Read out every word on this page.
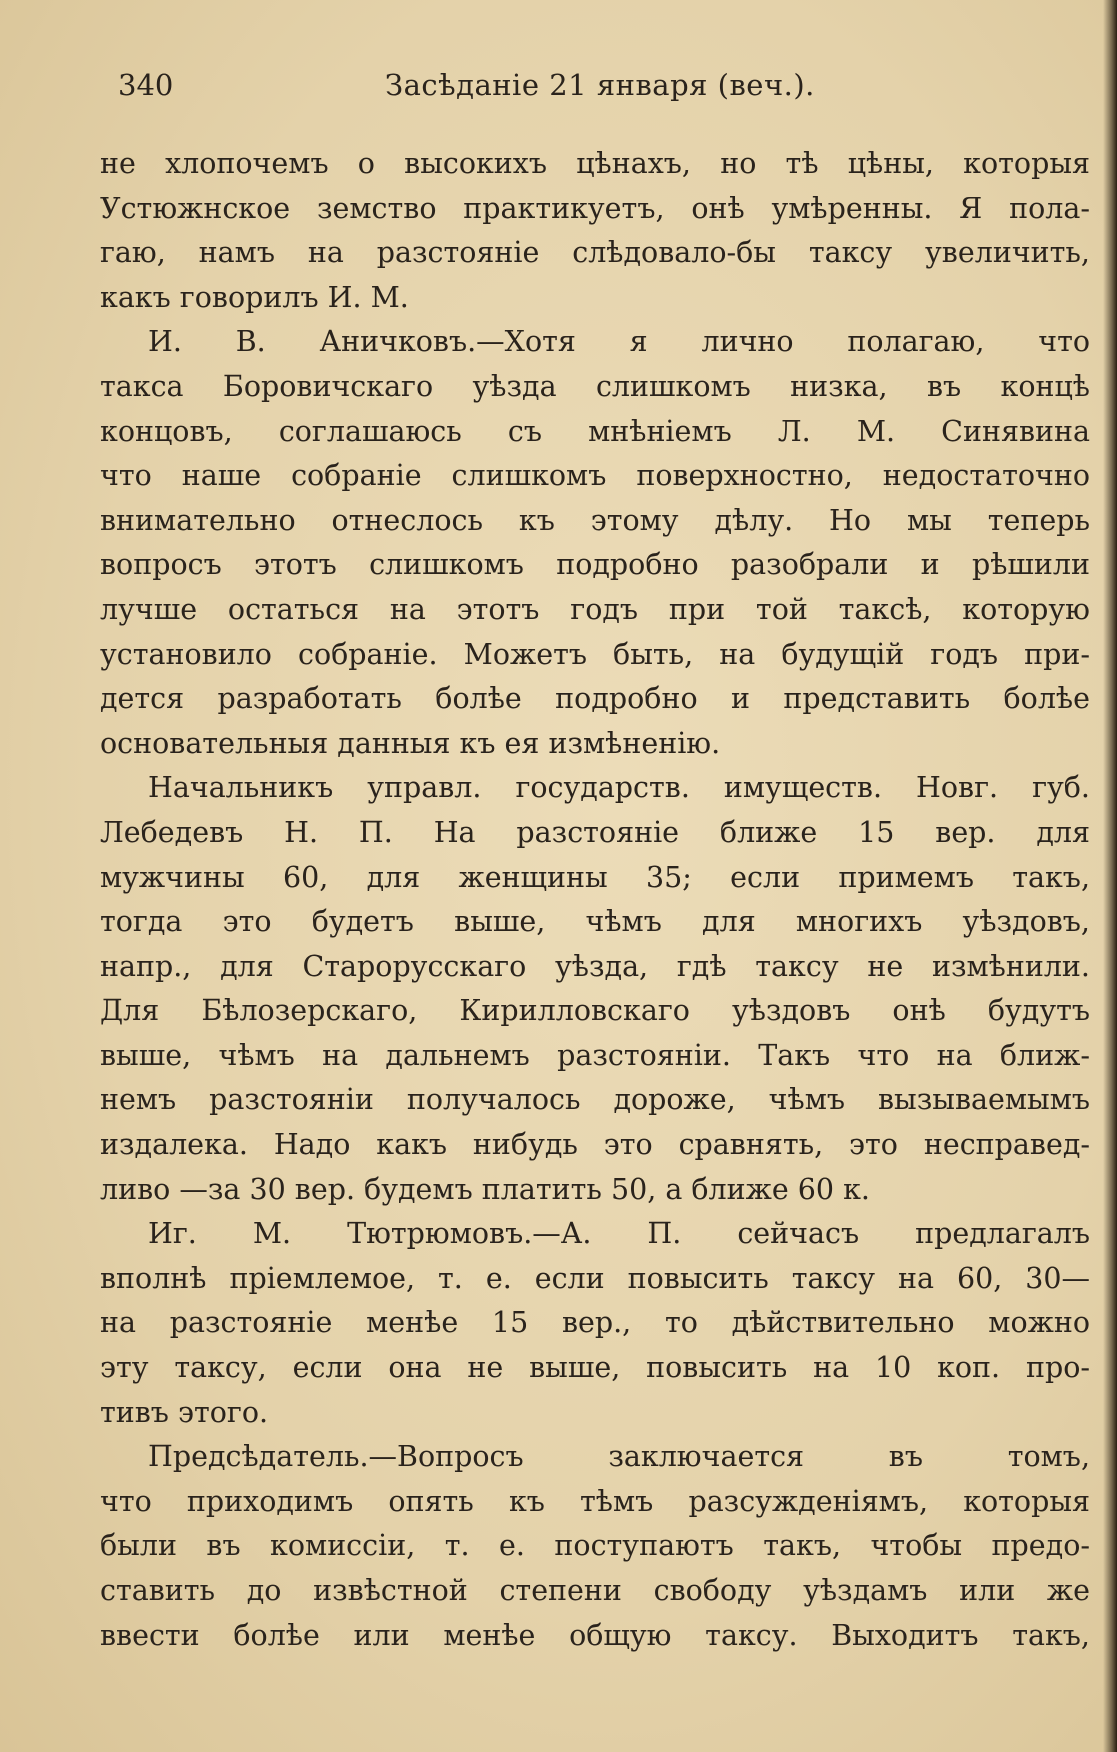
340	Засѣданіе 21 января (веч.).
не хлопочемъ о высокихъ цѣнахъ, но тѣ цѣны, которыя
Устюжнское земство практикуетъ, онѣ умѣренны. Я пола-
гаю, намъ на разстояніе слѣдовало-бы таксу увеличить,
какъ говорилъ И. М.
И. В. Аничковъ.—Хотя я лично полагаю, что
такса Боровичскаго уѣзда слишкомъ низка, въ концѣ
концовъ, соглашаюсь съ мнѣніемъ Л. М. Синявина
что наше собраніе слишкомъ поверхностно, недостаточно
внимательно отнеслось къ этому дѣлу. Но мы теперь
вопросъ этотъ слишкомъ подробно разобрали и рѣшили
лучше остаться на этотъ годъ при той таксѣ, которую
установило собраніе. Можетъ быть, на будущій годъ при-
дется разработать болѣе подробно и представить болѣе
основательныя данныя къ ея измѣненію.
Начальникъ управл. государств. имуществ. Новг. губ.
Лебедевъ Н. П. На разстояніе ближе 15 вер. для
мужчины 60, для женщины 35; если примемъ такъ,
тогда это будетъ выше, чѣмъ для многихъ уѣздовъ,
напр., для Старорусскаго уѣзда, гдѣ таксу не измѣнили.
Для Бѣлозерскаго, Кирилловскаго уѣздовъ онѣ будутъ
выше, чѣмъ на дальнемъ разстояніи. Такъ что на ближ-
немъ разстояніи получалось дороже, чѣмъ вызываемымъ
издалека. Надо какъ нибудь это сравнять, это несправед-
ливо —за 30 вер. будемъ платить 50, а ближе 60 к.
Иг. М. Тютрюмовъ.—А. П. сейчасъ предлагалъ
вполнѣ пріемлемое, т. е. если повысить таксу на 60, 30—
на разстояніе менѣе 15 вер., то дѣйствительно можно
эту таксу, если она не выше, повысить на 10 коп. про-
тивъ этого.
Предсѣдатель.—Вопросъ заключается въ томъ,
что приходимъ опять къ тѣмъ разсужденіямъ, которыя
были въ комиссіи, т. е. поступаютъ такъ, чтобы предо-
ставить до извѣстной степени свободу уѣздамъ или же
ввести болѣе или менѣе общую таксу. Выходитъ такъ,
